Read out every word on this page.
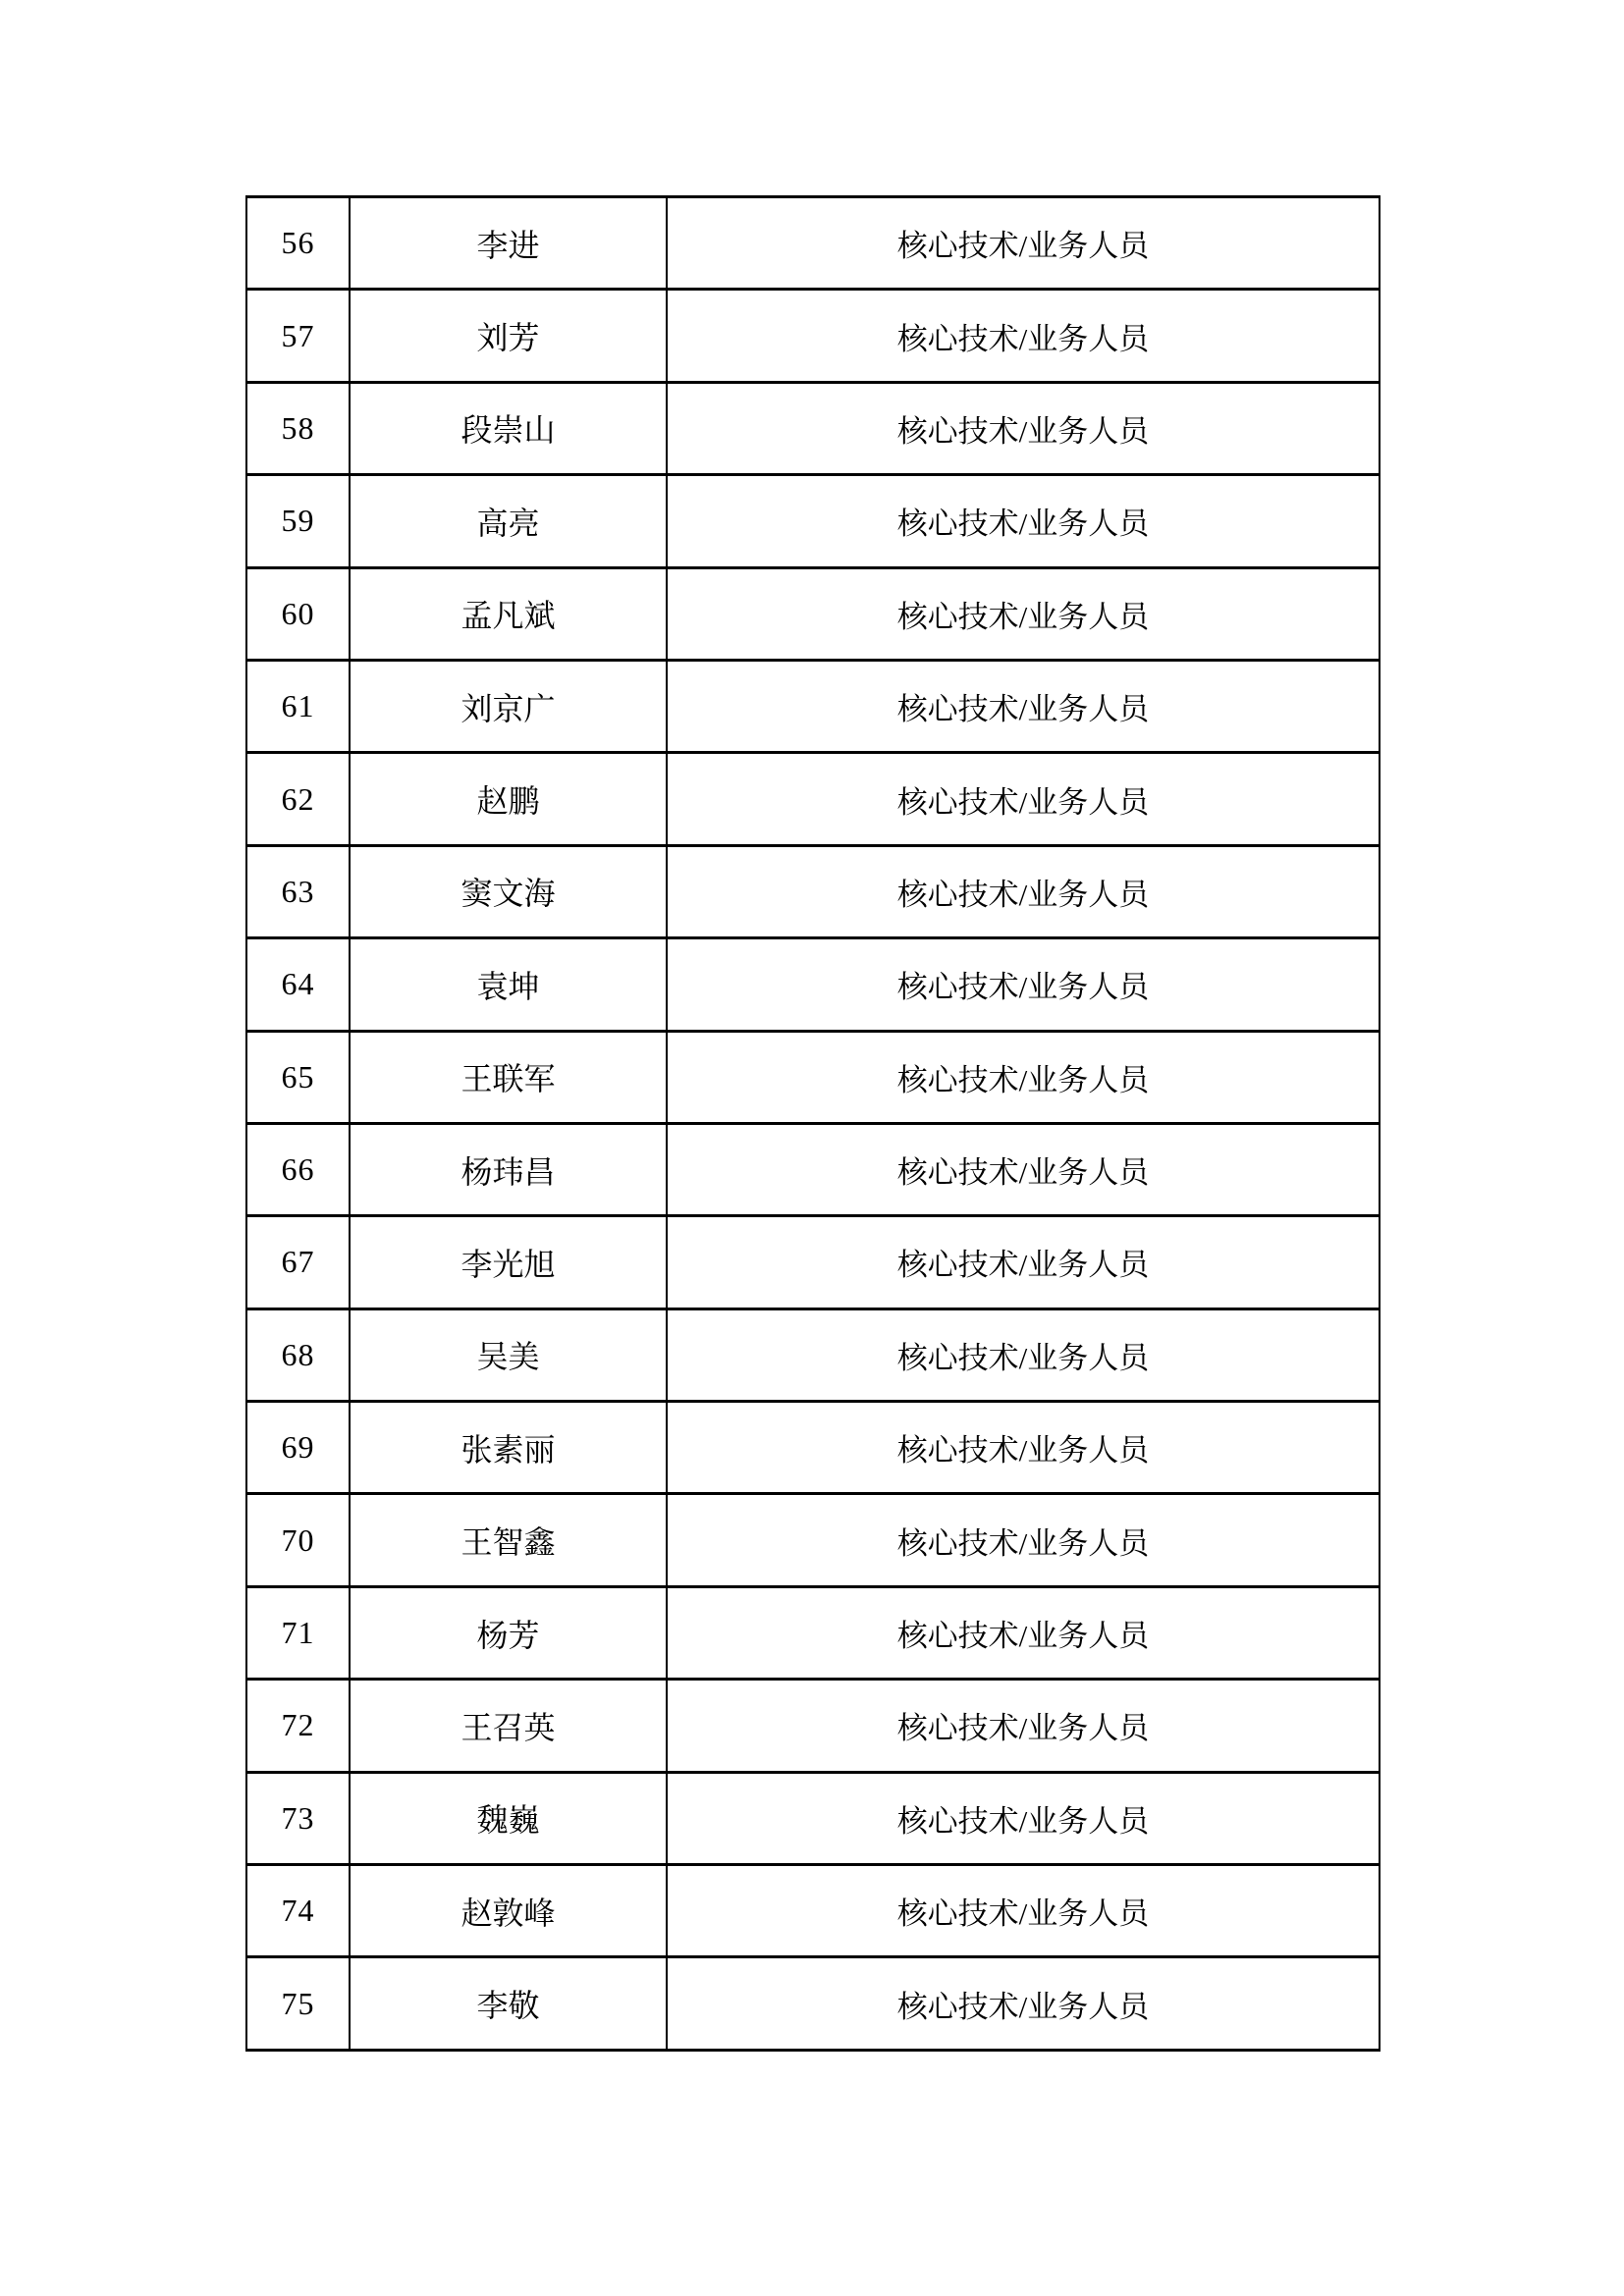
56	李进	核心技术/业务人员
57	刘芳	核心技术/业务人员
58	段崇山	核心技术/业务人员
59	高亮	核心技术/业务人员
60	孟凡斌	核心技术/业务人员
61	刘京广	核心技术/业务人员
62	赵鹏	核心技术/业务人员
63	窦文海	核心技术/业务人员
64	袁坤	核心技术/业务人员
65	王联军	核心技术/业务人员
66	杨玮昌	核心技术/业务人员
67	李光旭	核心技术/业务人员
68	吴美	核心技术/业务人员
69	张素丽	核心技术/业务人员
70	王智鑫	核心技术/业务人员
71	杨芳	核心技术/业务人员
72	王召英	核心技术/业务人员
73	魏巍	核心技术/业务人员
74	赵敦峰	核心技术/业务人员
75	李敬	核心技术/业务人员
